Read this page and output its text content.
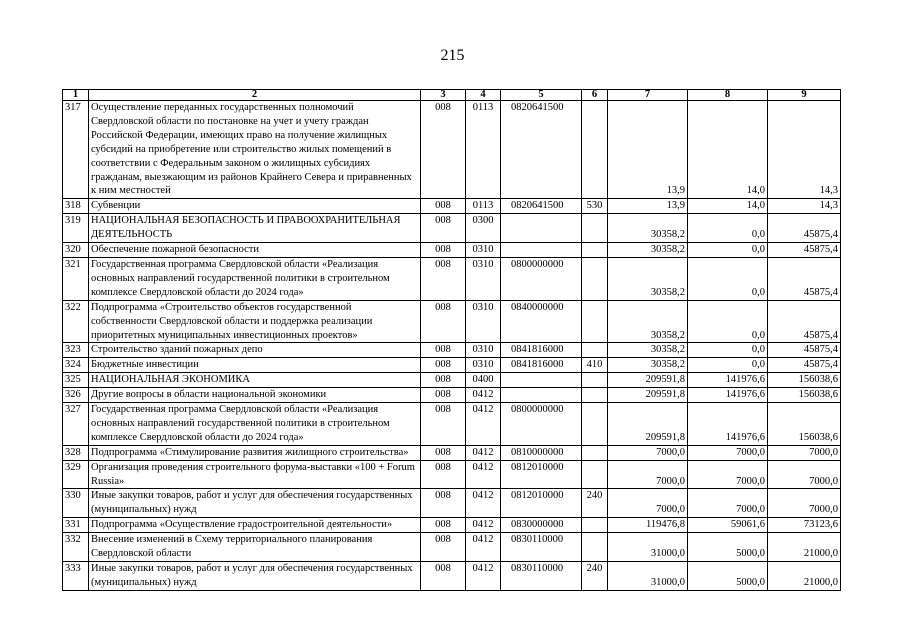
215
1	2	3	4	5	6	7	8	9
317	Осуществление переданных государственных полномочий Свердловской области по постановке на учет и учету граждан Российской Федерации, имеющих право на получение жилищных субсидий на приобретение или строительство жилых помещений в соответствии с Федеральным законом о жилищных субсидиях гражданам, выезжающим из районов Крайнего Севера и приравненных к ним местностей	008	0113	0820641500		13,9	14,0	14,3
318	Субвенции	008	0113	0820641500	530	13,9	14,0	14,3
319	НАЦИОНАЛЬНАЯ БЕЗОПАСНОСТЬ И ПРАВООХРАНИТЕЛЬНАЯ ДЕЯТЕЛЬНОСТЬ	008	0300			30358,2	0,0	45875,4
320	Обеспечение пожарной безопасности	008	0310			30358,2	0,0	45875,4
321	Государственная программа Свердловской области «Реализация основных направлений государственной политики в строительном комплексе Свердловской области до 2024 года»	008	0310	0800000000		30358,2	0,0	45875,4
322	Подпрограмма «Строительство объектов государственной собственности Свердловской области и поддержка реализации приоритетных муниципальных инвестиционных проектов»	008	0310	0840000000		30358,2	0,0	45875,4
323	Строительство зданий пожарных депо	008	0310	0841816000		30358,2	0,0	45875,4
324	Бюджетные инвестиции	008	0310	0841816000	410	30358,2	0,0	45875,4
325	НАЦИОНАЛЬНАЯ ЭКОНОМИКА	008	0400			209591,8	141976,6	156038,6
326	Другие вопросы в области национальной экономики	008	0412			209591,8	141976,6	156038,6
327	Государственная программа Свердловской области «Реализация основных направлений государственной политики в строительном комплексе Свердловской области до 2024 года»	008	0412	0800000000		209591,8	141976,6	156038,6
328	Подпрограмма «Стимулирование развития жилищного строительства»	008	0412	0810000000		7000,0	7000,0	7000,0
329	Организация проведения строительного форума-выставки «100 + Forum Russia»	008	0412	0812010000		7000,0	7000,0	7000,0
330	Иные закупки товаров, работ и услуг для обеспечения государственных (муниципальных) нужд	008	0412	0812010000	240	7000,0	7000,0	7000,0
331	Подпрограмма «Осуществление градостроительной деятельности»	008	0412	0830000000		119476,8	59061,6	73123,6
332	Внесение изменений в Схему территориального планирования Свердловской области	008	0412	0830110000		31000,0	5000,0	21000,0
333	Иные закупки товаров, работ и услуг для обеспечения государственных (муниципальных) нужд	008	0412	0830110000	240	31000,0	5000,0	21000,0
